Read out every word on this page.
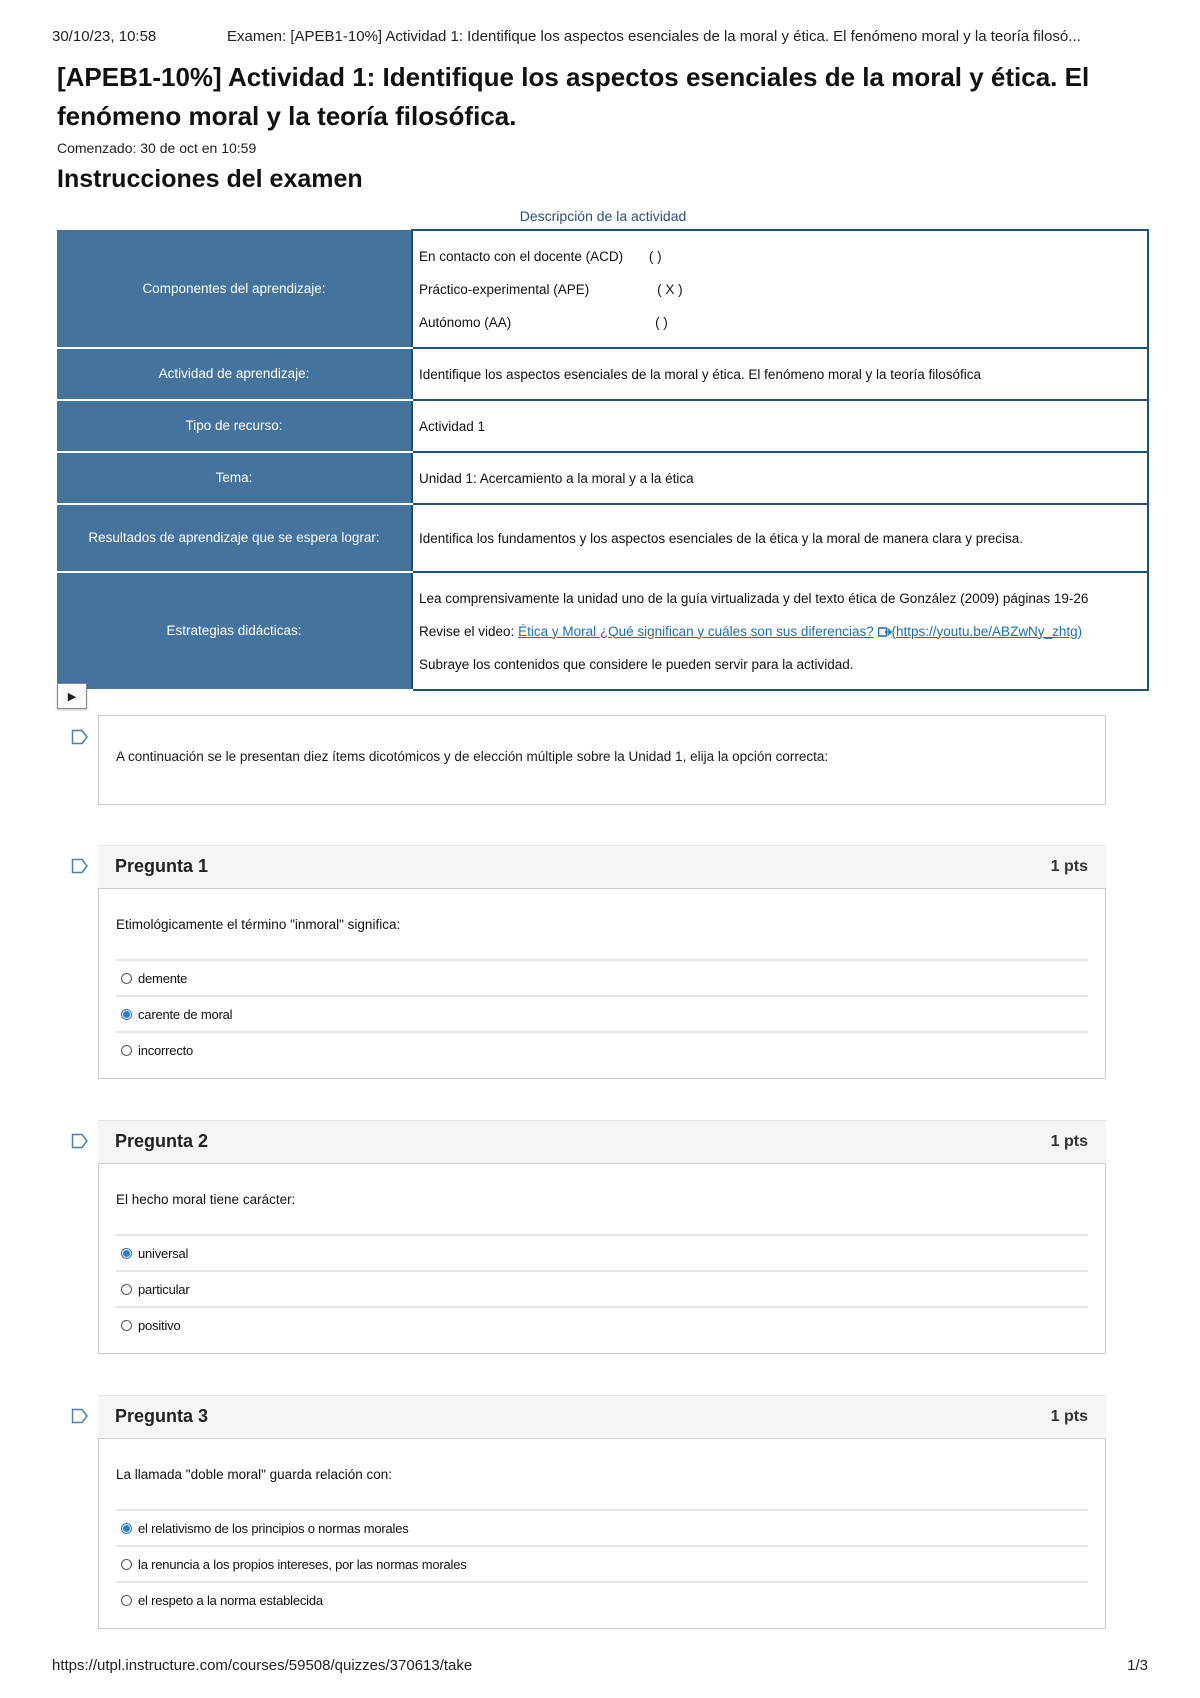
30/10/23, 10:58	Examen: [APEB1-10%] Actividad 1: Identifique los aspectos esenciales de la moral y ética. El fenómeno moral y la teoría filosó...
[APEB1-10%] Actividad 1: Identifique los aspectos esenciales de la moral y ética. El fenómeno moral y la teoría filosófica.
Comenzado: 30 de oct en 10:59
Instrucciones del examen
Descripción de la actividad
Componentes del aprendizaje:	En contacto con el docente (ACD) ( )
Práctico-experimental (APE) ( X )
Autónomo (AA) ( )

Actividad de aprendizaje:	Identifique los aspectos esenciales de la moral y ética. El fenómeno moral y la teoría filosófica
Tipo de recurso:	Actividad 1
Tema:	Unidad 1: Acercamiento a la moral y a la ética
Resultados de aprendizaje que se espera lograr:	Identifica los fundamentos y los aspectos esenciales de la ética y la moral de manera clara y precisa.
Estrategias didácticas:	Lea comprensivamente la unidad uno de la guía virtualizada y del texto ética de González (2009) páginas 19-26
Revise el video: Ética y Moral ¿Qué significan y cuáles son sus diferencias? (https://youtu.be/ABZwNy_zhtg)
Subraye los contenidos que considere le pueden servir para la actividad.
▶
A continuación se le presentan diez ítems dicotómicos y de elección múltiple sobre la Unidad 1, elija la opción correcta:
Pregunta 1	1 pts
Etimológicamente el término "inmoral" significa:
demente
carente de moral
incorrecto
Pregunta 2	1 pts
El hecho moral tiene carácter:
universal
particular
positivo
Pregunta 3	1 pts
La llamada "doble moral" guarda relación con:
el relativismo de los principios o normas morales
la renuncia a los propios intereses, por las normas morales
el respeto a la norma establecida
https://utpl.instructure.com/courses/59508/quizzes/370613/take	1/3
